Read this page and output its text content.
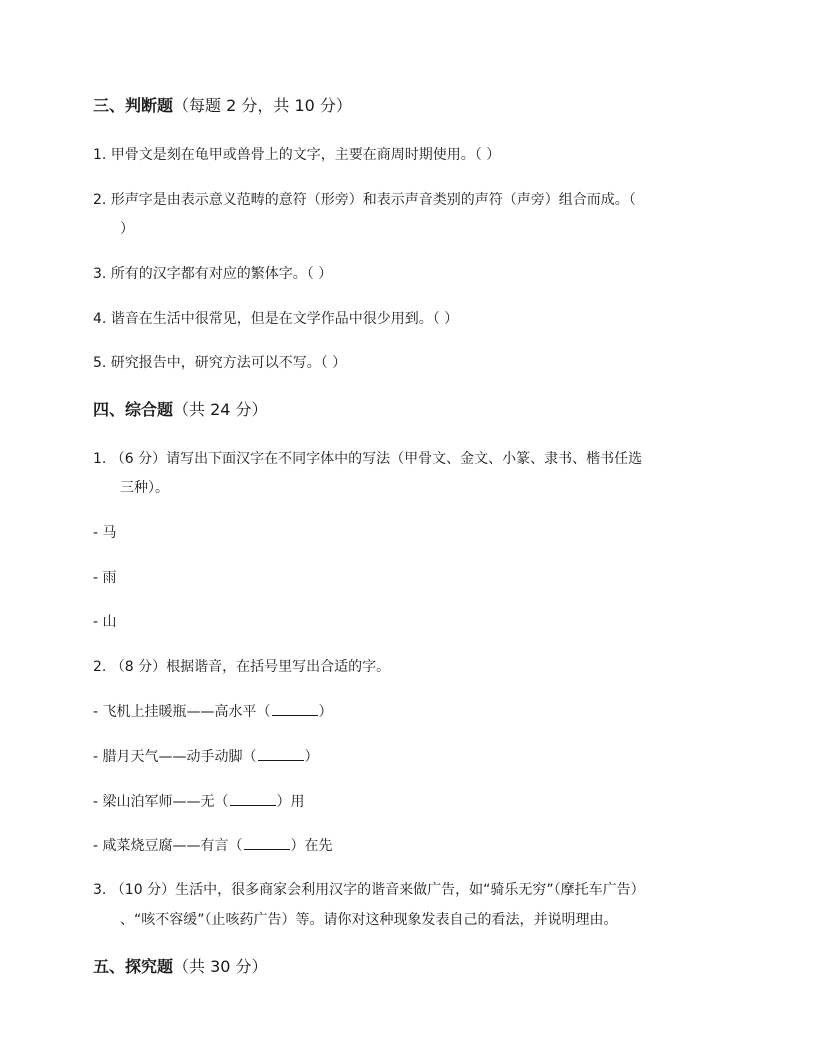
三、判断题（每题 2 分，共 10 分）
1. 甲骨文是刻在龟甲或兽骨上的文字，主要在商周时期使用。（ ）
2. 形声字是由表示意义范畴的意符（形旁）和表示声音类别的声符（声旁）组合而成。（
）
3. 所有的汉字都有对应的繁体字。（ ）
4. 谐音在生活中很常见，但是在文学作品中很少用到。（ ）
5. 研究报告中，研究方法可以不写。（ ）
四、综合题（共 24 分）
1. （6 分）请写出下面汉字在不同字体中的写法（甲骨文、金文、小篆、隶书、楷书任选
三种）。
- 马
- 雨
- 山
2. （8 分）根据谐音，在括号里写出合适的字。
- 飞机上挂暖瓶——高水平（	）
- 腊月天气——动手动脚（	）
- 梁山泊军师——无（	）用
- 咸菜烧豆腐——有言（	）在先
3. （10 分）生活中，很多商家会利用汉字的谐音来做广告，如“骑乐无穷”（摩托车广告）
、“咳不容缓”（止咳药广告）等。请你对这种现象发表自己的看法，并说明理由。
五、探究题（共 30 分）
